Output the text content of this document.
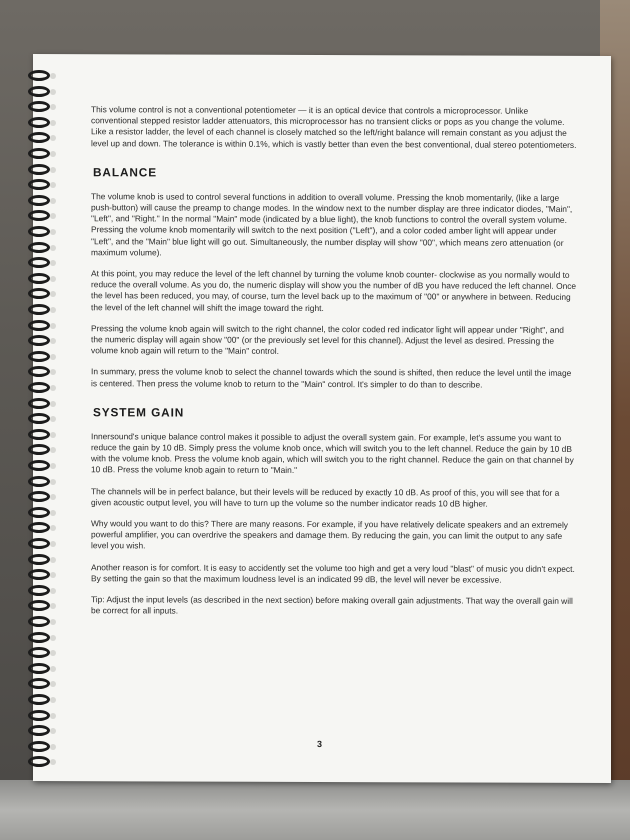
This volume control is not a conventional potentiometer — it is an optical device that controls a microprocessor. Unlike conventional stepped resistor ladder attenuators, this microprocessor has no transient clicks or pops as you change the volume. Like a resistor ladder, the level of each channel is closely matched so the left/right balance will remain constant as you adjust the level up and down. The tolerance is within 0.1%, which is vastly better than even the best conventional, dual stereo potentiometers.

BALANCE

The volume knob is used to control several functions in addition to overall volume. Pressing the knob momentarily, (like a large push-button) will cause the preamp to change modes. In the window next to the number display are three indicator diodes, "Main", "Left", and "Right." In the normal "Main" mode (indicated by a blue light), the knob functions to control the overall system volume. Pressing the volume knob momentarily will switch to the next position ("Left"), and a color coded amber light will appear under "Left", and the "Main" blue light will go out. Simultaneously, the number display will show "00", which means zero attenuation (or maximum volume).

At this point, you may reduce the level of the left channel by turning the volume knob counter- clockwise as you normally would to reduce the overall volume. As you do, the numeric display will show you the number of dB you have reduced the left channel. Once the level has been reduced, you may, of course, turn the level back up to the maximum of "00" or anywhere in between. Reducing the level of the left channel will shift the image toward the right.

Pressing the volume knob again will switch to the right channel, the color coded red indicator light will appear under "Right", and the numeric display will again show "00" (or the previously set level for this channel). Adjust the level as desired. Pressing the volume knob again will return to the "Main" control.

In summary, press the volume knob to select the channel towards which the sound is shifted, then reduce the level until the image is centered. Then press the volume knob to return to the "Main" control. It's simpler to do than to describe.

SYSTEM GAIN

Innersound's unique balance control makes it possible to adjust the overall system gain. For example, let's assume you want to reduce the gain by 10 dB. Simply press the volume knob once, which will switch you to the left channel. Reduce the gain by 10 dB with the volume knob. Press the volume knob again, which will switch you to the right channel. Reduce the gain on that channel by 10 dB. Press the volume knob again to return to "Main."

The channels will be in perfect balance, but their levels will be reduced by exactly 10 dB. As proof of this, you will see that for a given acoustic output level, you will have to turn up the volume so the number indicator reads 10 dB higher.

Why would you want to do this? There are many reasons. For example, if you have relatively delicate speakers and an extremely powerful amplifier, you can overdrive the speakers and damage them. By reducing the gain, you can limit the output to any safe level you wish.

Another reason is for comfort. It is easy to accidently set the volume too high and get a very loud "blast" of music you didn't expect. By setting the gain so that the maximum loudness level is an indicated 99 dB, the level will never be excessive.

Tip: Adjust the input levels (as described in the next section) before making overall gain adjustments. That way the overall gain will be correct for all inputs.

3
